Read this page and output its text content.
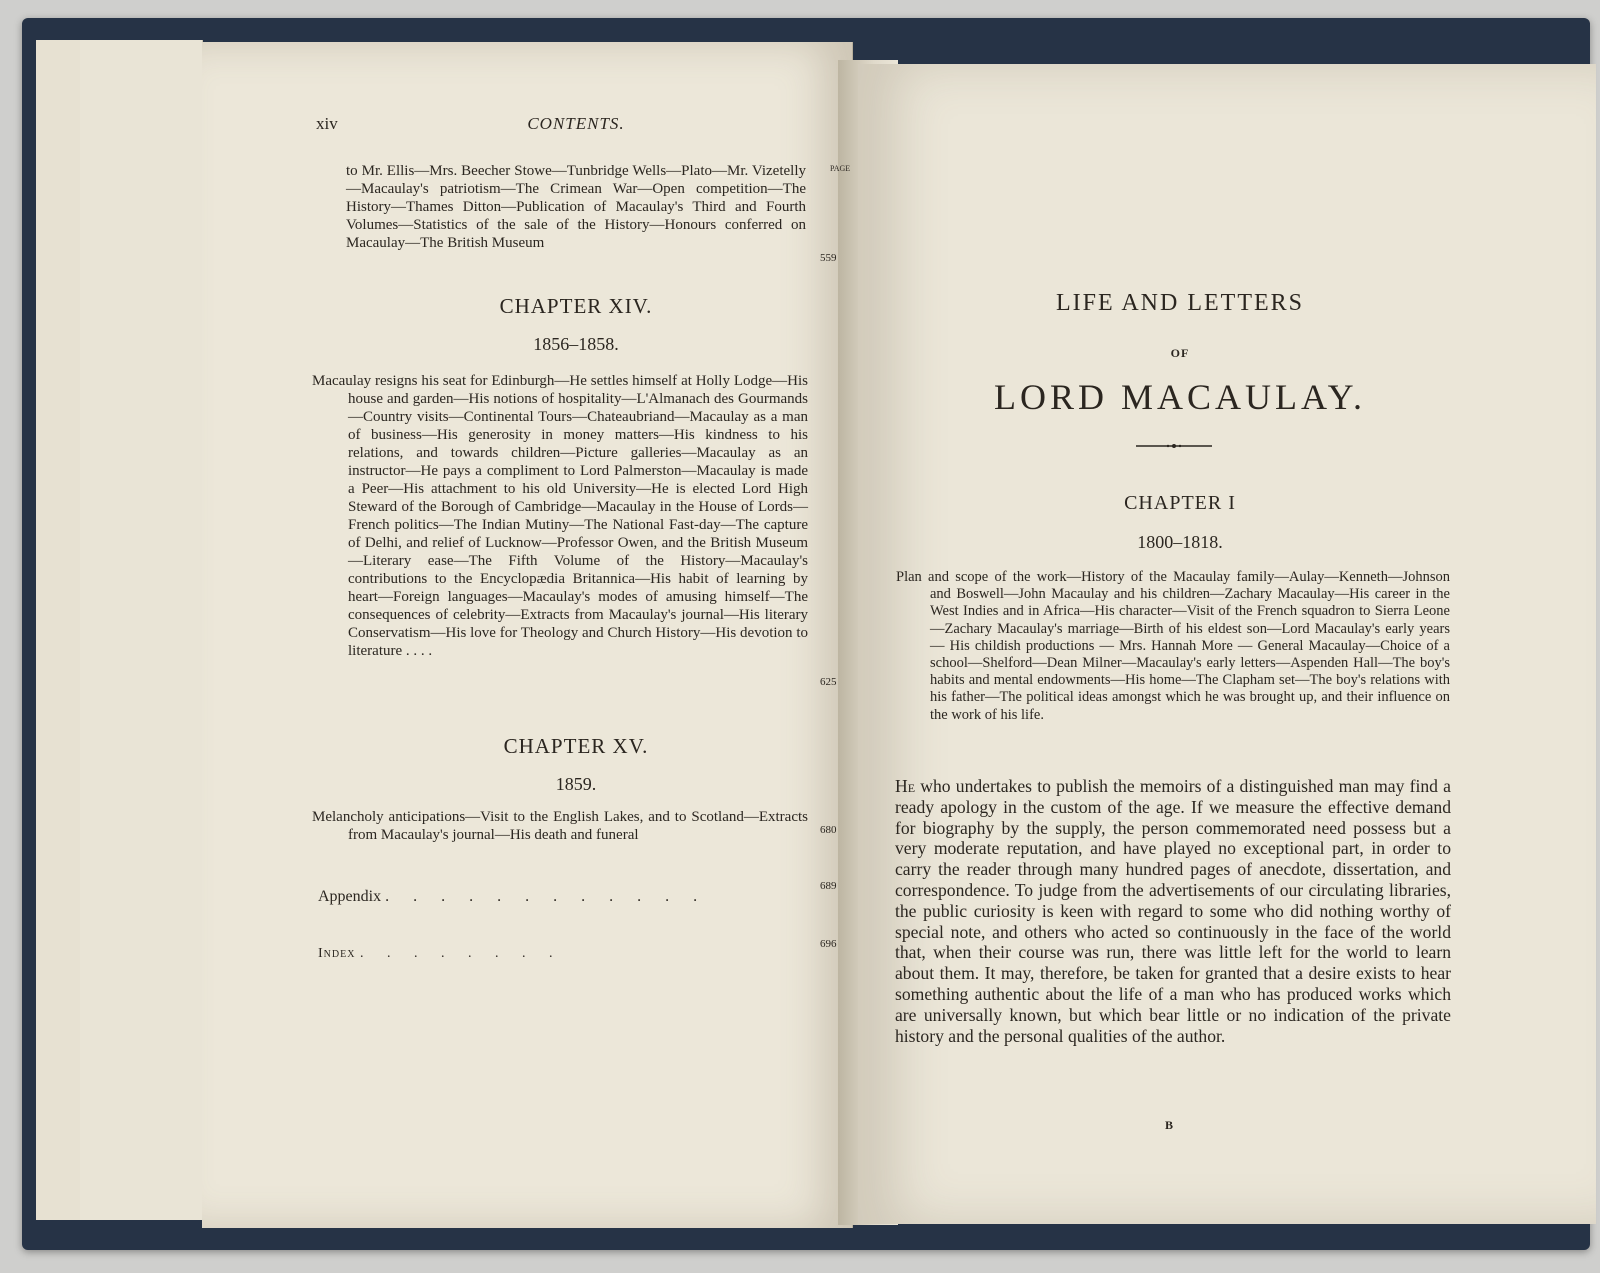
xiv	CONTENTS.
PAGE
to Mr. Ellis—Mrs. Beecher Stowe—Tunbridge Wells—Plato—Mr. Vizetelly—Macaulay's patriotism—The Crimean War—Open competition—The History—Thames Ditton—Publication of Macaulay's Third and Fourth Volumes—Statistics of the sale of the History—Honours conferred on Macaulay—The British Museum
559
CHAPTER XIV.
1856–1858.
Macaulay resigns his seat for Edinburgh—He settles himself at Holly Lodge—His house and garden—His notions of hospitality—L'Almanach des Gourmands—Country visits—Continental Tours—Chateaubriand—Macaulay as a man of business—His generosity in money matters—His kindness to his relations, and towards children—Picture galleries—Macaulay as an instructor—He pays a compliment to Lord Palmerston—Macaulay is made a Peer—His attachment to his old University—He is elected Lord High Steward of the Borough of Cambridge—Macaulay in the House of Lords—French politics—The Indian Mutiny—The National Fast-day—The capture of Delhi, and relief of Lucknow—Professor Owen, and the British Museum—Literary ease—The Fifth Volume of the History—Macaulay's contributions to the Encyclopædia Britannica—His habit of learning by heart—Foreign languages—Macaulay's modes of amusing himself—The consequences of celebrity—Extracts from Macaulay's journal—His literary Conservatism—His love for Theology and Church History—His devotion to literature . . . .
625
CHAPTER XV.
1859.
Melancholy anticipations—Visit to the English Lakes, and to Scotland—Extracts from Macaulay's journal—His death and funeral	680
Appendix . . . . . . . . . . . .
689
Index . . . . . . . .
696
LIFE AND LETTERS
OF
LORD MACAULAY.
CHAPTER I
1800–1818.
Plan and scope of the work—History of the Macaulay family—Aulay—Kenneth—Johnson and Boswell—John Macaulay and his children—Zachary Macaulay—His career in the West Indies and in Africa—His character—Visit of the French squadron to Sierra Leone—Zachary Macaulay's marriage—Birth of his eldest son—Lord Macaulay's early years — His childish productions — Mrs. Hannah More — General Macaulay—Choice of a school—Shelford—Dean Milner—Macaulay's early letters—Aspenden Hall—The boy's habits and mental endowments—His home—The Clapham set—The boy's relations with his father—The political ideas amongst which he was brought up, and their influence on the work of his life.
He who undertakes to publish the memoirs of a distinguished man may find a ready apology in the custom of the age. If we measure the effective demand for biography by the supply, the person commemorated need possess but a very moderate reputation, and have played no exceptional part, in order to carry the reader through many hundred pages of anecdote, dissertation, and correspondence. To judge from the advertisements of our circulating libraries, the public curiosity is keen with regard to some who did nothing worthy of special note, and others who acted so continuously in the face of the world that, when their course was run, there was little left for the world to learn about them. It may, therefore, be taken for granted that a desire exists to hear something authentic about the life of a man who has produced works which are universally known, but which bear little or no indication of the private history and the personal qualities of the author.
B
